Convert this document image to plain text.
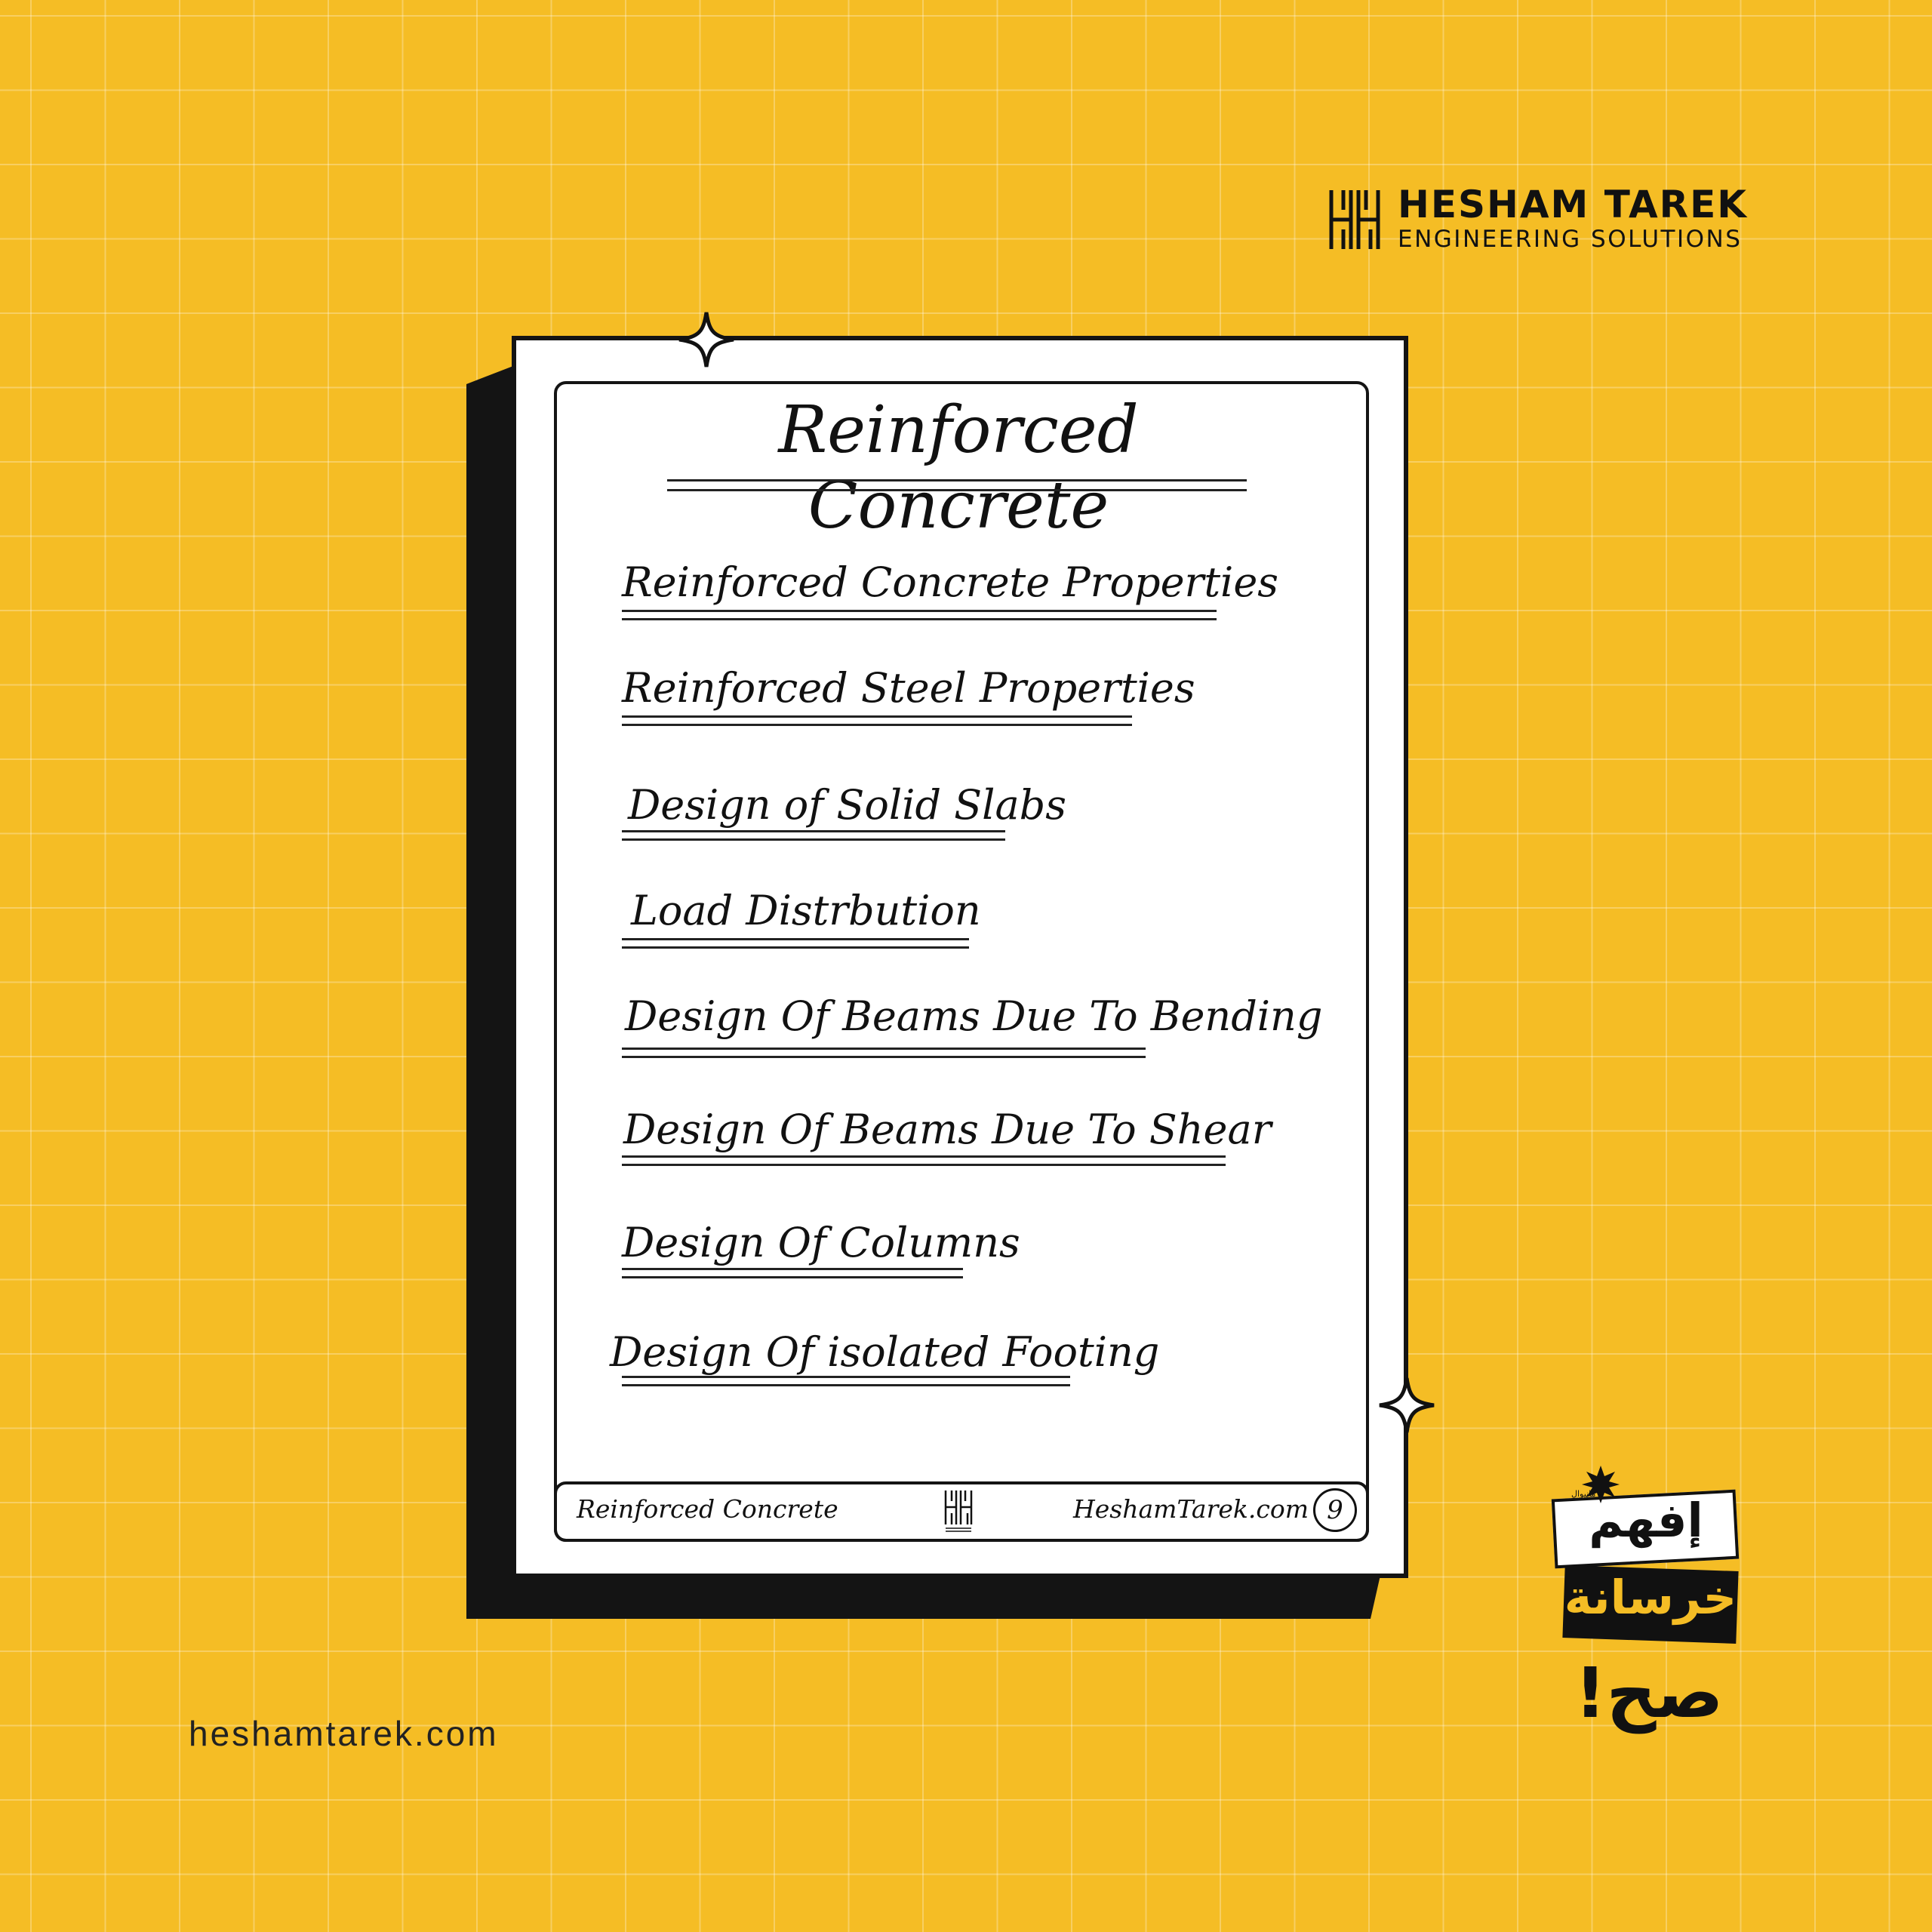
HESHAM TAREK
ENGINEERING SOLUTIONS
Reinforced Concrete
Reinforced Concrete Properties
Reinforced Steel Properties
Design of Solid Slabs
Load Distrbution
Design Of Beams Due To Bending
Design Of Beams Due To Shear
Design Of Columns
Design Of isolated Footing
Reinforced Concrete	HeshamTarek.com 9
heshamtarek.com
مانيوال
إفهم
خرسانة
صح!
